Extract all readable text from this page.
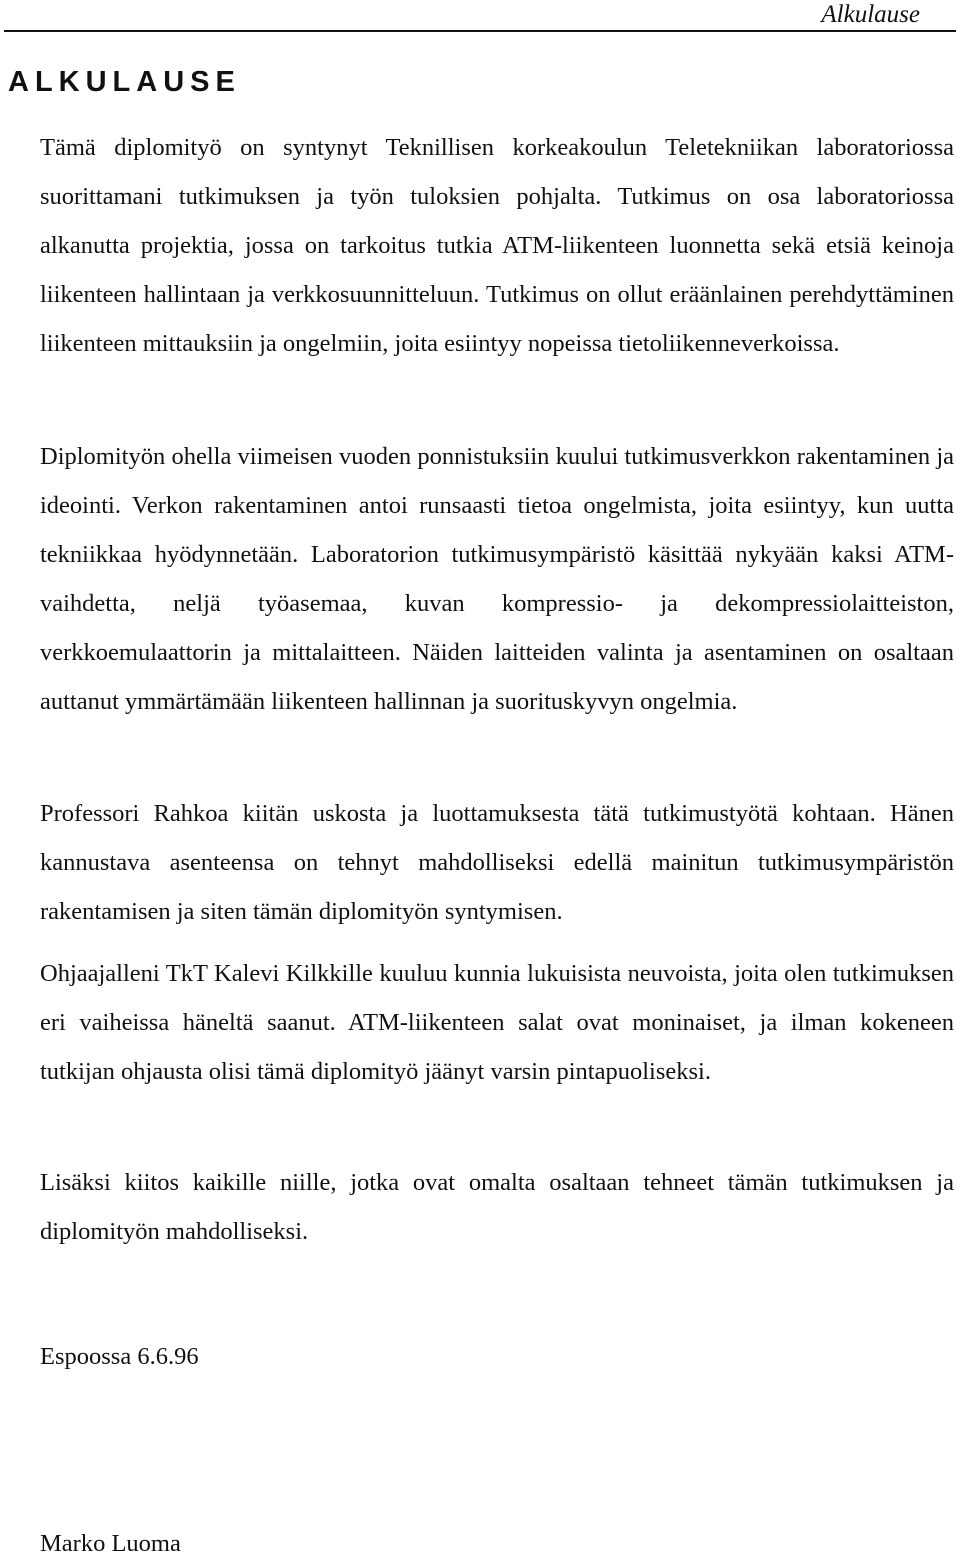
Alkulause
ALKULAUSE

Tämä diplomityö on syntynyt Teknillisen korkeakoulun Teletekniikan laboratoriossa suorittamani tutkimuksen ja työn tuloksien pohjalta. Tutkimus on osa laboratoriossa alkanutta projektia, jossa on tarkoitus tutkia ATM-liikenteen luonnetta sekä etsiä keinoja liikenteen hallintaan ja verkkosuunnitteluun. Tutkimus on ollut eräänlainen perehdyttäminen liikenteen mittauksiin ja ongelmiin, joita esiintyy nopeissa tietoliikenneverkoissa.

Diplomityön ohella viimeisen vuoden ponnistuksiin kuului tutkimusverkkon rakentaminen ja ideointi. Verkon rakentaminen antoi runsaasti tietoa ongelmista, joita esiintyy, kun uutta tekniikkaa hyödynnetään. Laboratorion tutkimusympäristö käsittää nykyään kaksi ATM-vaihdetta, neljä työasemaa, kuvan kompressio- ja dekompressiolaitteiston, verkkoemulaattorin ja mittalaitteen. Näiden laitteiden valinta ja asentaminen on osaltaan auttanut ymmärtämään liikenteen hallinnan ja suorituskyvyn ongelmia.

Professori Rahkoa kiitän uskosta ja luottamuksesta tätä tutkimustyötä kohtaan. Hänen kannustava asenteensa on tehnyt mahdolliseksi edellä mainitun tutkimusympäristön rakentamisen ja siten tämän diplomityön syntymisen.

Ohjaajalleni TkT Kalevi Kilkkille kuuluu kunnia lukuisista neuvoista, joita olen tutkimuksen eri vaiheissa häneltä saanut. ATM-liikenteen salat ovat moninaiset, ja ilman kokeneen tutkijan ohjausta olisi tämä diplomityö jäänyt varsin pintapuoliseksi.

Lisäksi kiitos kaikille niille, jotka ovat omalta osaltaan tehneet tämän tutkimuksen ja diplomityön mahdolliseksi.

Espoossa 6.6.96
Marko Luoma
